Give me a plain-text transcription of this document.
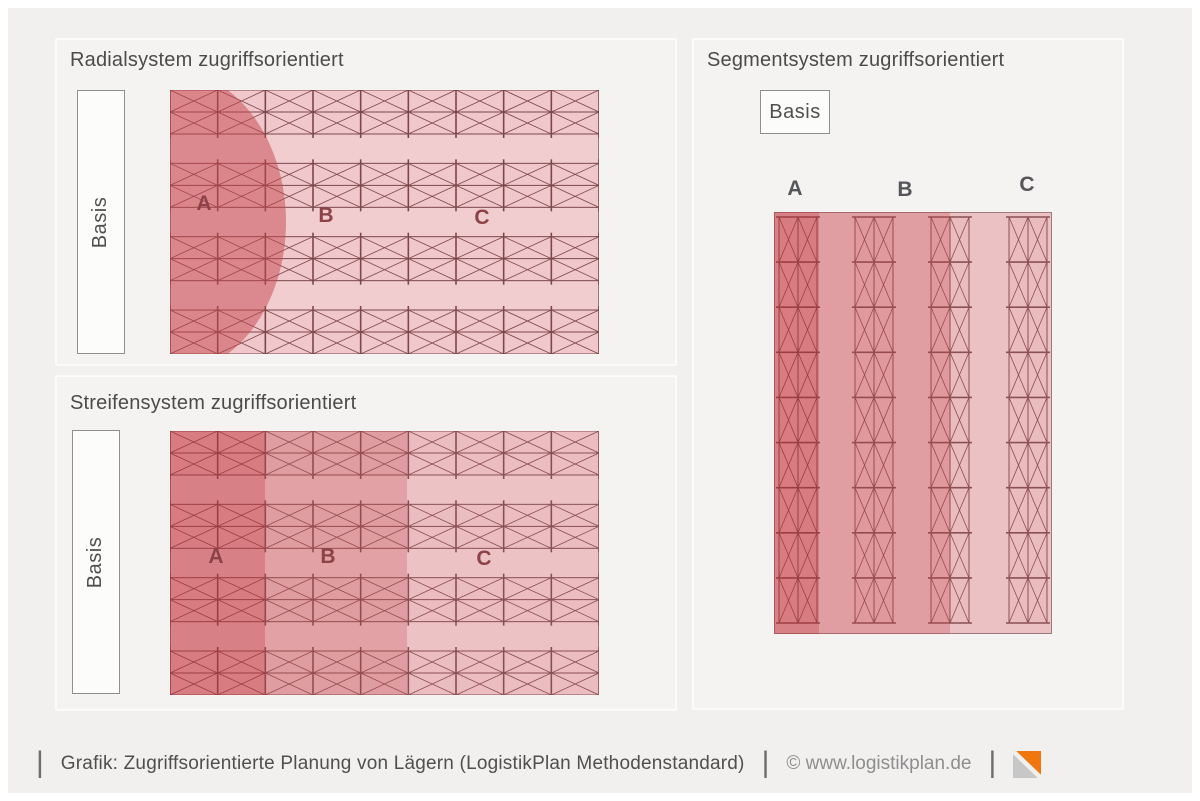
Radialsystem zugriffsorientiert
Basis	A
B	C
Streifensystem zugriffsorientiert
Basis	A	B	C
Segmentsystem zugriffsorientiert
Basis
A	B	C
| Grafik: Zugriffsorientierte Planung von Lägern (LogistikPlan Methodenstandard) | © www.logistikplan.de |
